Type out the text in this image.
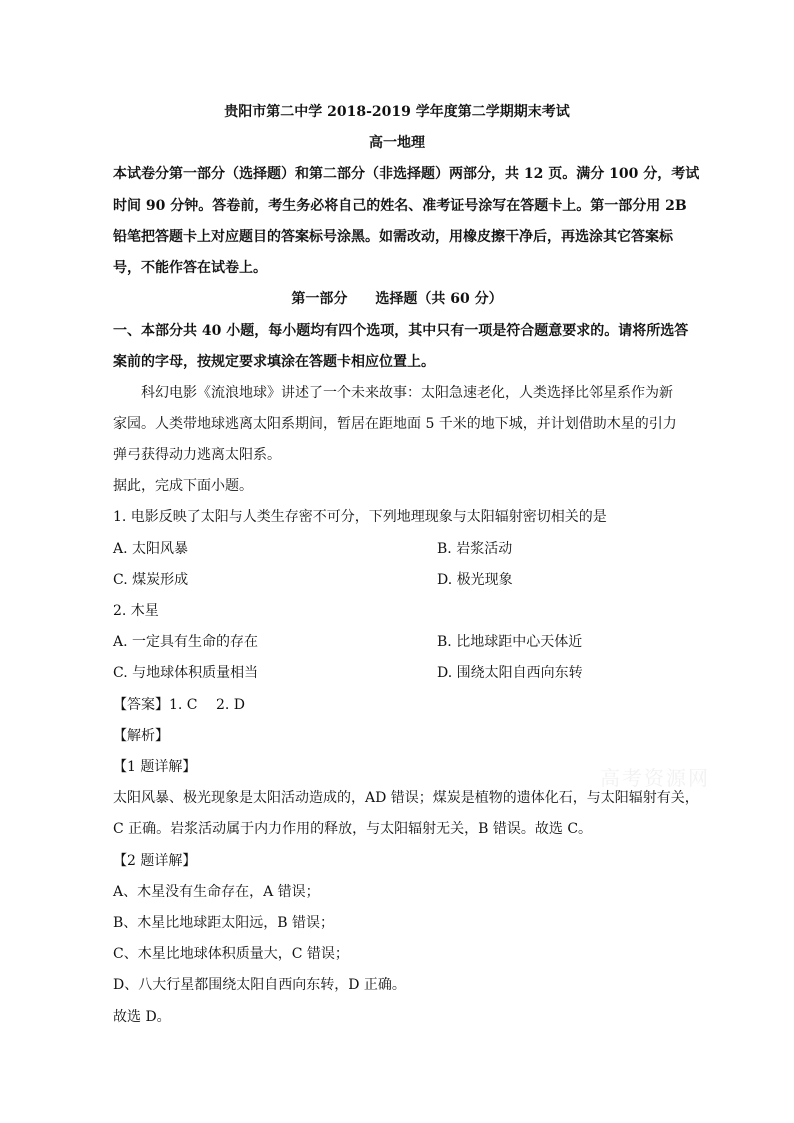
贵阳市第二中学 2018-2019 学年度第二学期期末考试
高一地理
本试卷分第一部分（选择题）和第二部分（非选择题）两部分，共 12 页。满分 100 分，考试
时间 90 分钟。答卷前，考生务必将自己的姓名、准考证号涂写在答题卡上。第一部分用 2B
铅笔把答题卡上对应题目的答案标号涂黑。如需改动，用橡皮擦干净后，再选涂其它答案标
号，不能作答在试卷上。
第一部分　　选择题（共 60 分）
一、本部分共 40 小题，每小题均有四个选项，其中只有一项是符合题意要求的。请将所选答
案前的字母，按规定要求填涂在答题卡相应位置上。
　　科幻电影《流浪地球》讲述了一个未来故事：太阳急速老化，人类选择比邻星系作为新
家园。人类带地球逃离太阳系期间，暂居在距地面 5 千米的地下城，并计划借助木星的引力
弹弓获得动力逃离太阳系。
据此，完成下面小题。
1. 电影反映了太阳与人类生存密不可分，下列地理现象与太阳辐射密切相关的是
A. 太阳风暴	B. 岩浆活动
C. 煤炭形成	D. 极光现象
2. 木星
A. 一定具有生命的存在	B. 比地球距中心天体近
C. 与地球体积质量相当	D. 围绕太阳自西向东转
【答案】1. C　 2. D
【解析】
【1 题详解】
太阳风暴、极光现象是太阳活动造成的，AD 错误；煤炭是植物的遗体化石，与太阳辐射有关，
C 正确。岩浆活动属于内力作用的释放，与太阳辐射无关，B 错误。故选 C。
【2 题详解】
A、木星没有生命存在，A 错误；
B、木星比地球距太阳远，B 错误；
C、木星比地球体积质量大，C 错误；
D、八大行星都围绕太阳自西向东转，D 正确。
故选 D。
高考资源网
